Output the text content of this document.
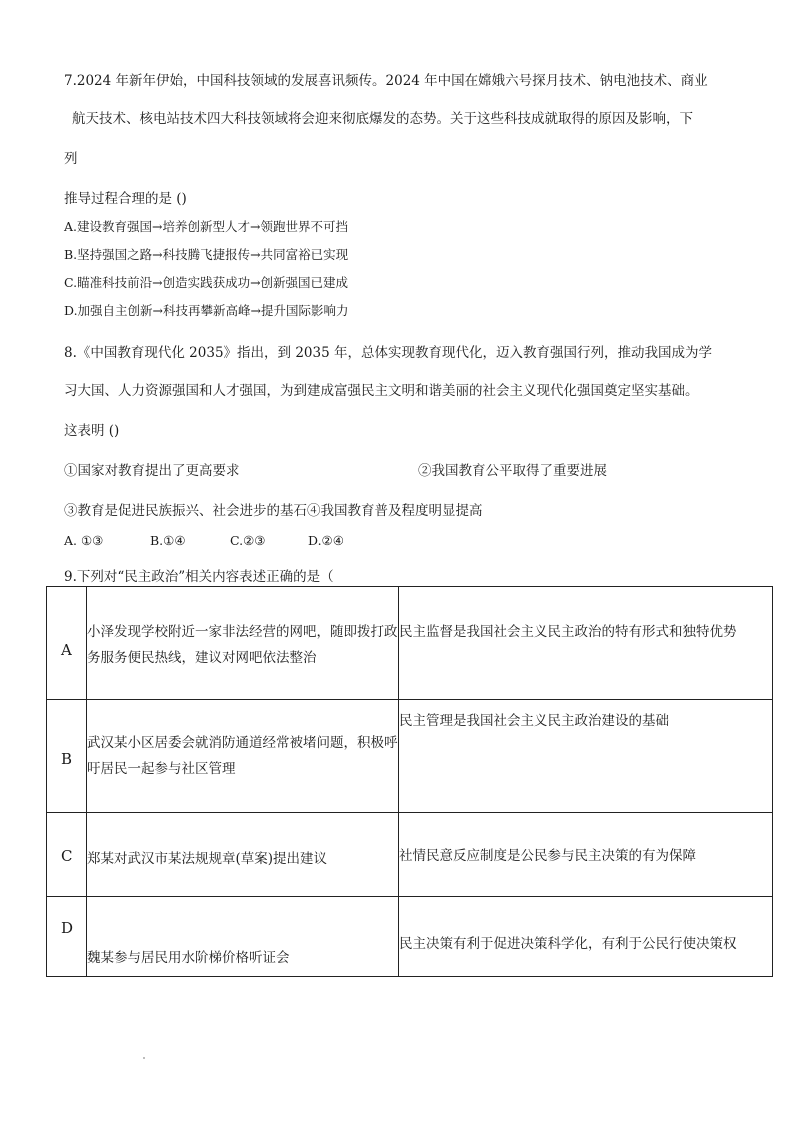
7.2024 年新年伊始，中国科技领域的发展喜讯频传。2024 年中国在嫦娥六号探月技术、钠电池技术、商业
航天技术、核电站技术四大科技领域将会迎来彻底爆发的态势。关于这些科技成就取得的原因及影响，下
列
推导过程合理的是 ()
A.建设教育强国→培养创新型人才→领跑世界不可挡
B.坚持强国之路→科技腾飞捷报传→共同富裕已实现
C.瞄准科技前沿→创造实践获成功→创新强国已建成
D.加强自主创新→科技再攀新高峰→提升国际影响力
8.《中国教育现代化 2035》指出，到 2035 年，总体实现教育现代化，迈入教育强国行列，推动我国成为学
习大国、人力资源强国和人才强国，为到建成富强民主文明和谐美丽的社会主义现代化强国奠定坚实基础。
这表明 ()
①国家对教育提出了更高要求	②我国教育公平取得了重要进展
③教育是促进民族振兴、社会进步的基石④我国教育普及程度明显提高
A. ①③	B.①④	C.②③	D.②④
9.下列对“民主政治”相关内容表述正确的是（
A	小泽发现学校附近一家非法经营的网吧，随即拨打政务服务便民热线，建议对网吧依法整治	民主监督是我国社会主义民主政治的特有形式和独特优势

B	武汉某小区居委会就消防通道经常被堵问题，积极呼吁居民一起参与社区管理	民主管理是我国社会主义民主政治建设的基础

C	郑某对武汉市某法规规章(草案)提出建议	社情民意反应制度是公民参与民主决策的有为保障

D	魏某参与居民用水阶梯价格听证会	民主决策有利于促进决策科学化，有利于公民行使决策权
